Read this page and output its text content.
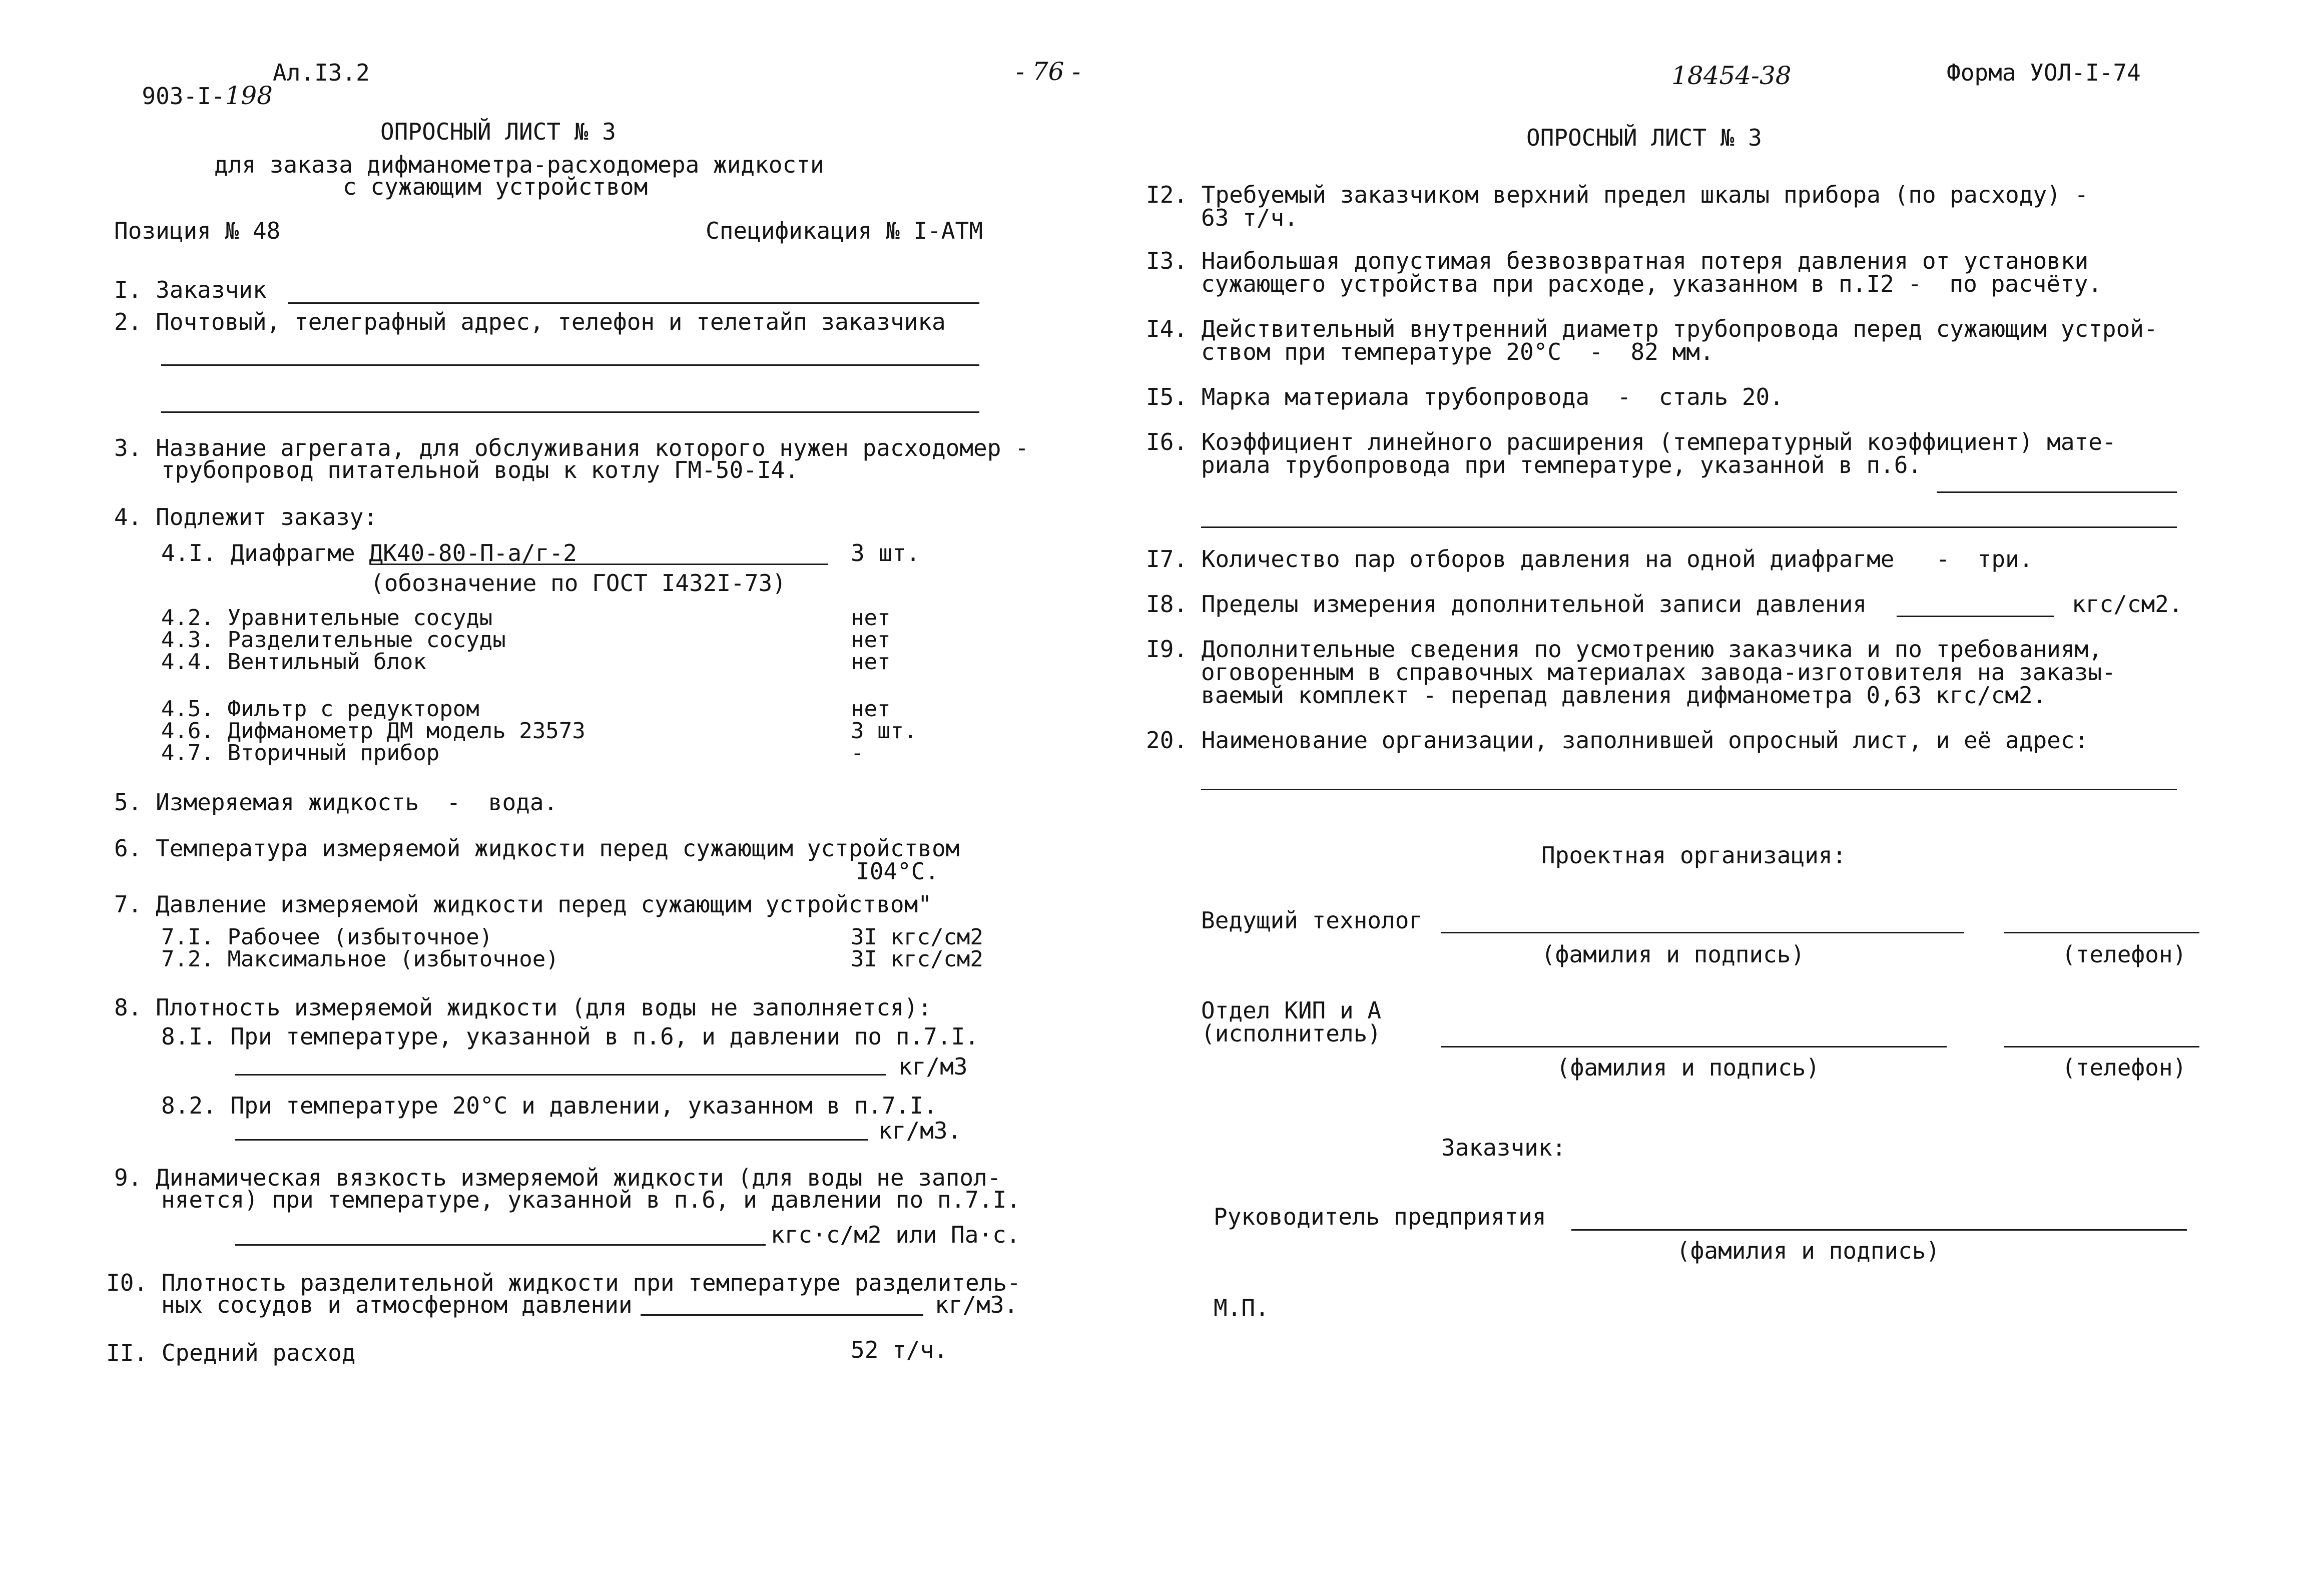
903-I-198

Ал.I3.2	- 76 -	18454-38	Форма УОЛ-I-74
ОПРОСНЫЙ ЛИСТ № 3
для заказа дифманометра-расходомера жидкости
с сужающим устройством
Позиция № 48	Спецификация № I-АТМ
I. Заказчик
2. Почтовый, телеграфный адрес, телефон и телетайп заказчика
3. Название агрегата, для обслуживания которого нужен расходомер -
трубопровод питательной воды к котлу ГМ-50-I4.
4. Подлежит заказу:
4.I. Диафрагме ДК40-80-П-а/г-2	3 шт.
(обозначение по ГОСТ I432I-73)
4.2. Уравнительные сосуды	нет
4.3. Разделительные сосуды	нет
4.4. Вентильный блок	нет
4.5. Фильтр с редуктором	нет
4.6. Дифманометр ДМ модель 23573	3 шт.
4.7. Вторичный прибор	-
5. Измеряемая жидкость  -  вода.
6. Температура измеряемой жидкости перед сужающим устройством
I04°C.
7. Давление измеряемой жидкости перед сужающим устройством"
7.I. Рабочее (избыточное)	3I кгс/см2
7.2. Максимальное (избыточное)	3I кгс/см2
8. Плотность измеряемой жидкости (для воды не заполняется):
8.I. При температуре, указанной в п.6, и давлении по п.7.I.
кг/м3
8.2. При температуре 20°C и давлении, указанном в п.7.I.
кг/м3.
9. Динамическая вязкость измеряемой жидкости (для воды не запол-
няется) при температуре, указанной в п.6, и давлении по п.7.I.
кгс·с/м2 или Па·с.
I0. Плотность разделительной жидкости при температуре разделитель-
ных сосудов и атмосферном давлении	кг/м3.
II. Средний расход	52 т/ч.
ОПРОСНЫЙ ЛИСТ № 3
I2. Требуемый заказчиком верхний предел шкалы прибора (по расходу) -
63 т/ч.
I3. Наибольшая допустимая безвозвратная потеря давления от установки
сужающего устройства при расходе, указанном в п.I2 -  по расчёту.
I4. Действительный внутренний диаметр трубопровода перед сужающим устрой-
ством при температуре 20°C  -  82 мм.
I5. Марка материала трубопровода  -  сталь 20.
I6. Коэффициент линейного расширения (температурный коэффициент) мате-
риала трубопровода при температуре, указанной в п.6.
I7. Количество пар отборов давления на одной диафрагме   -  три.
I8. Пределы измерения дополнительной записи давления	кгс/см2.
I9. Дополнительные сведения по усмотрению заказчика и по требованиям,
оговоренным в справочных материалах завода-изготовителя на заказы-
ваемый комплект - перепад давления дифманометра 0,63 кгс/см2.
20. Наименование организации, заполнившей опросный лист, и её адрес:
Проектная организация:
Ведущий технолог
(фамилия и подпись)	(телефон)
Отдел КИП и А
(исполнитель)
(фамилия и подпись)	(телефон)
Заказчик:
Руководитель предприятия
(фамилия и подпись)
М.П.
